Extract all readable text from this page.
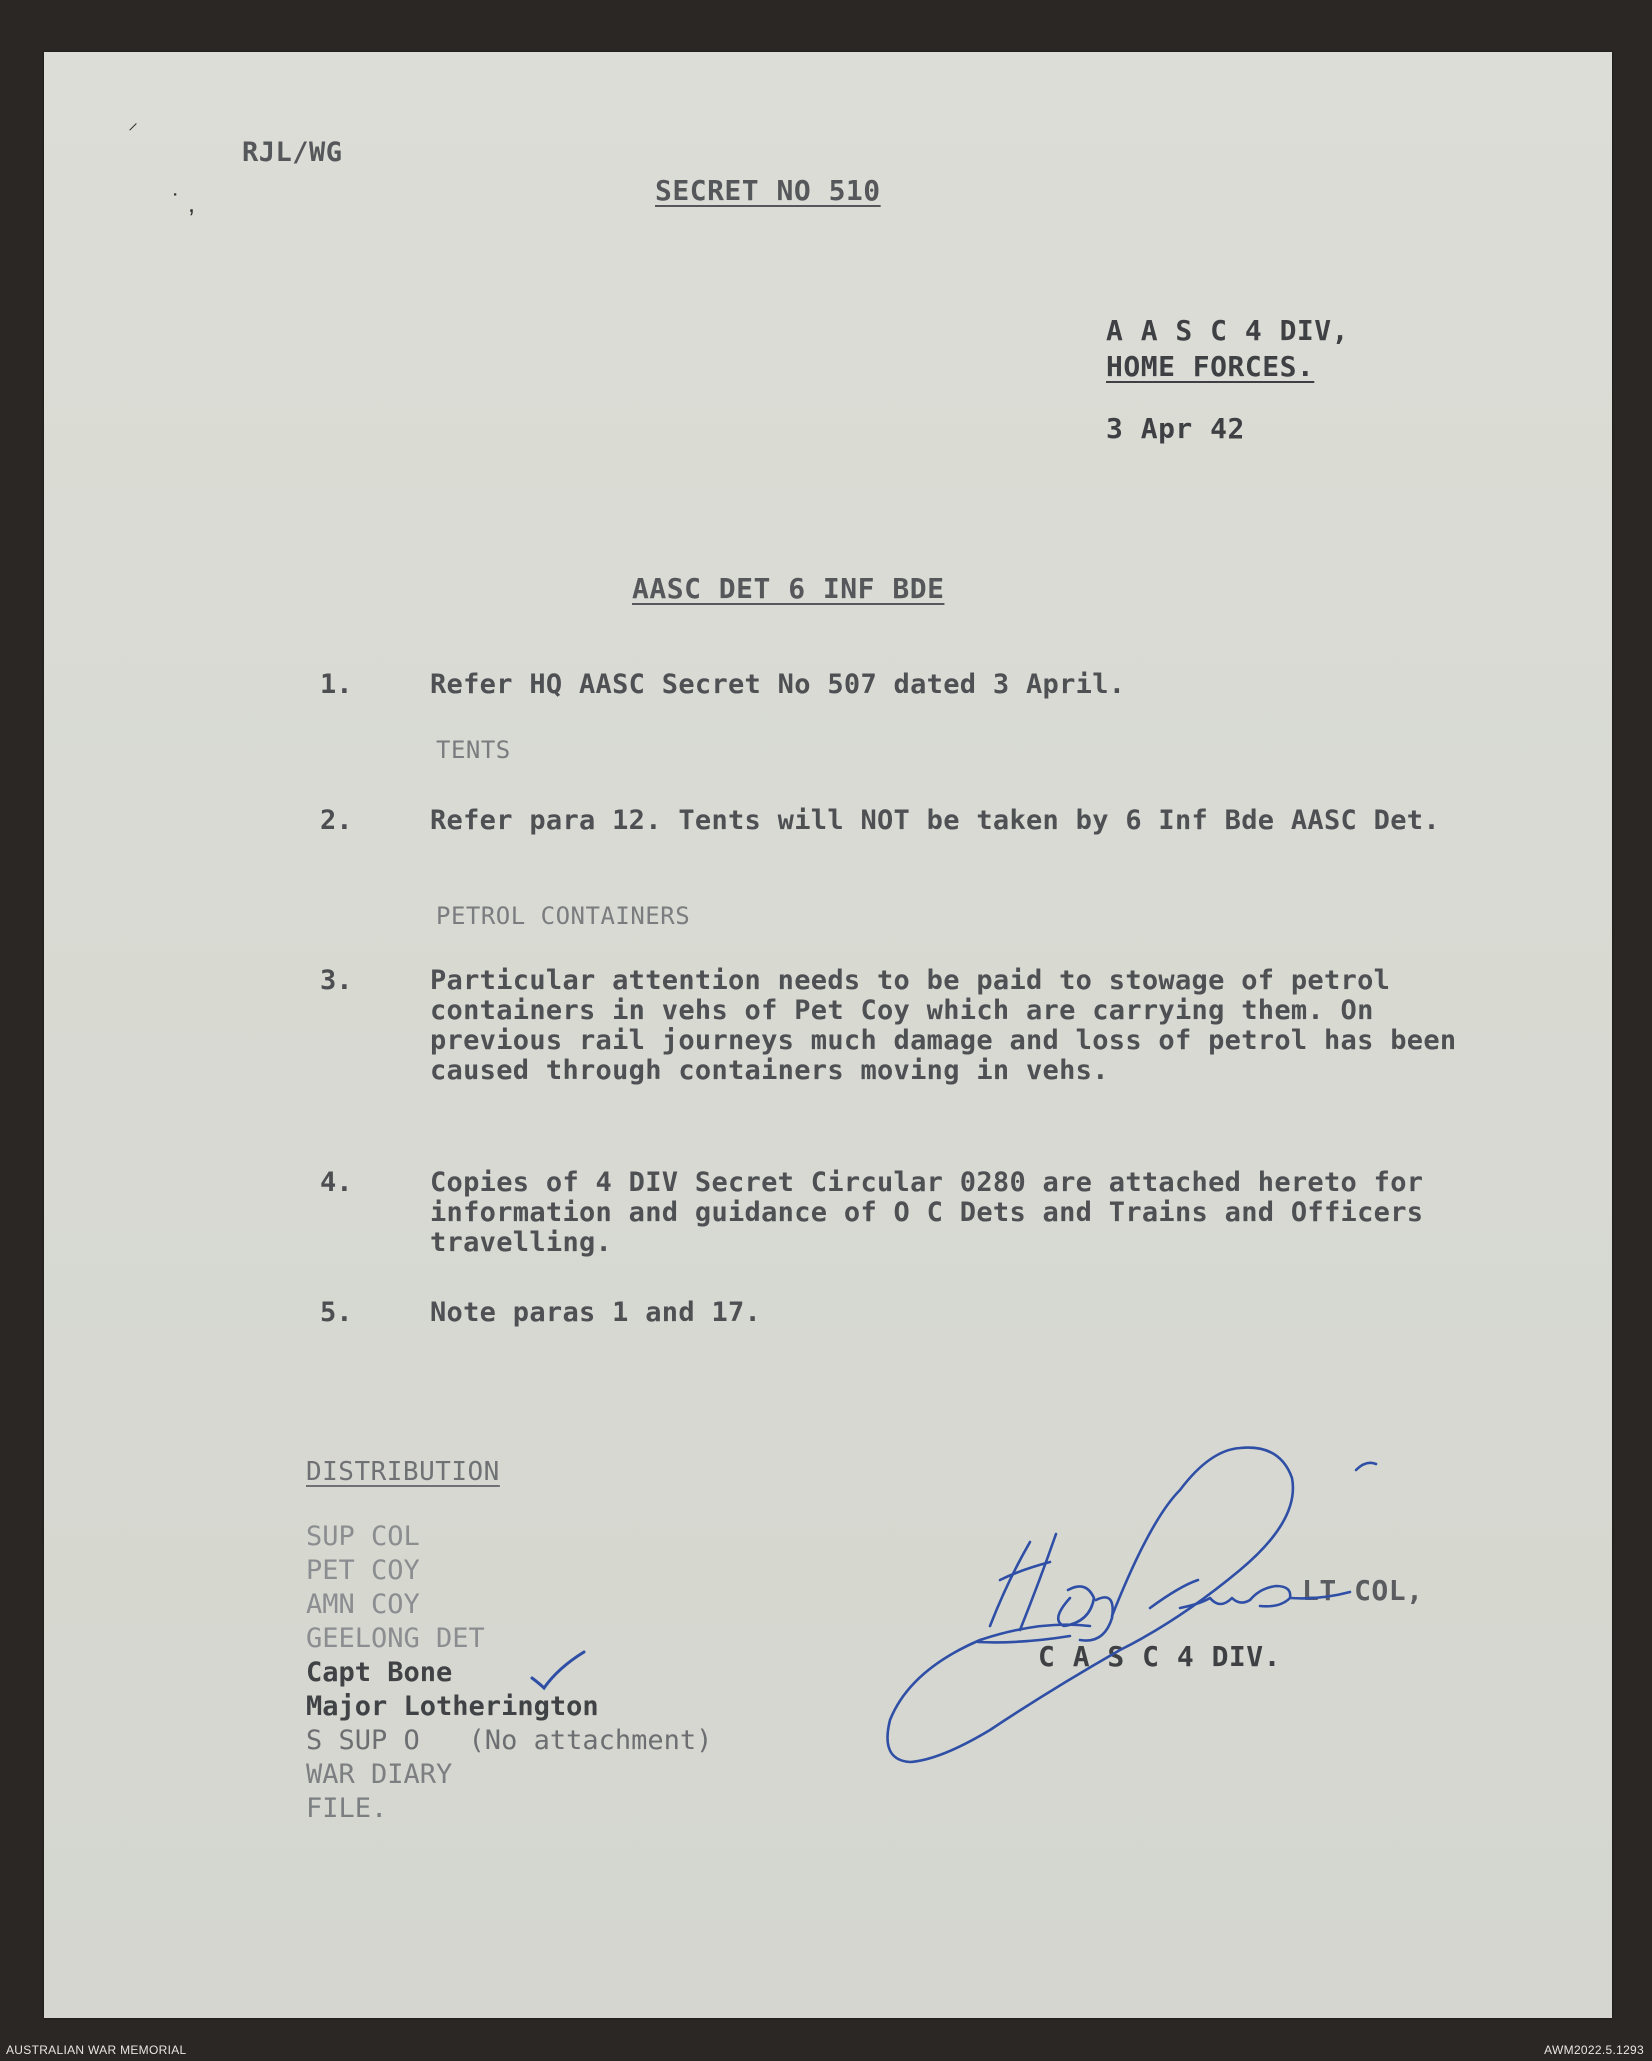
⸝
˙ ,
RJL/WG
SECRET NO 510
A A S C 4 DIV,
HOME FORCES.
3 Apr 42
AASC DET 6 INF BDE
1.	Refer HQ AASC Secret No 507 dated 3 April.
TENTS
2.	Refer para 12. Tents will NOT be taken by 6 Inf Bde AASC Det.
PETROL CONTAINERS
3.	Particular attention needs to be paid to stowage of petrol containers in vehs of Pet Coy which are carrying them. On previous rail journeys much damage and loss of petrol has been caused through containers moving in vehs.
4.	Copies of 4 DIV Secret Circular 0280 are attached hereto for information and guidance of O C Dets and Trains and Officers travelling.
5.	Note paras 1 and 17.
DISTRIBUTION
SUP COL
PET COY
AMN COY
GEELONG DET
Capt Bone
Major Lotherington
S SUP O   (No attachment)
WAR DIARY
FILE.
LT COL,
C A S C 4 DIV.
AUSTRALIAN WAR MEMORIAL	AWM2022.5.1293
